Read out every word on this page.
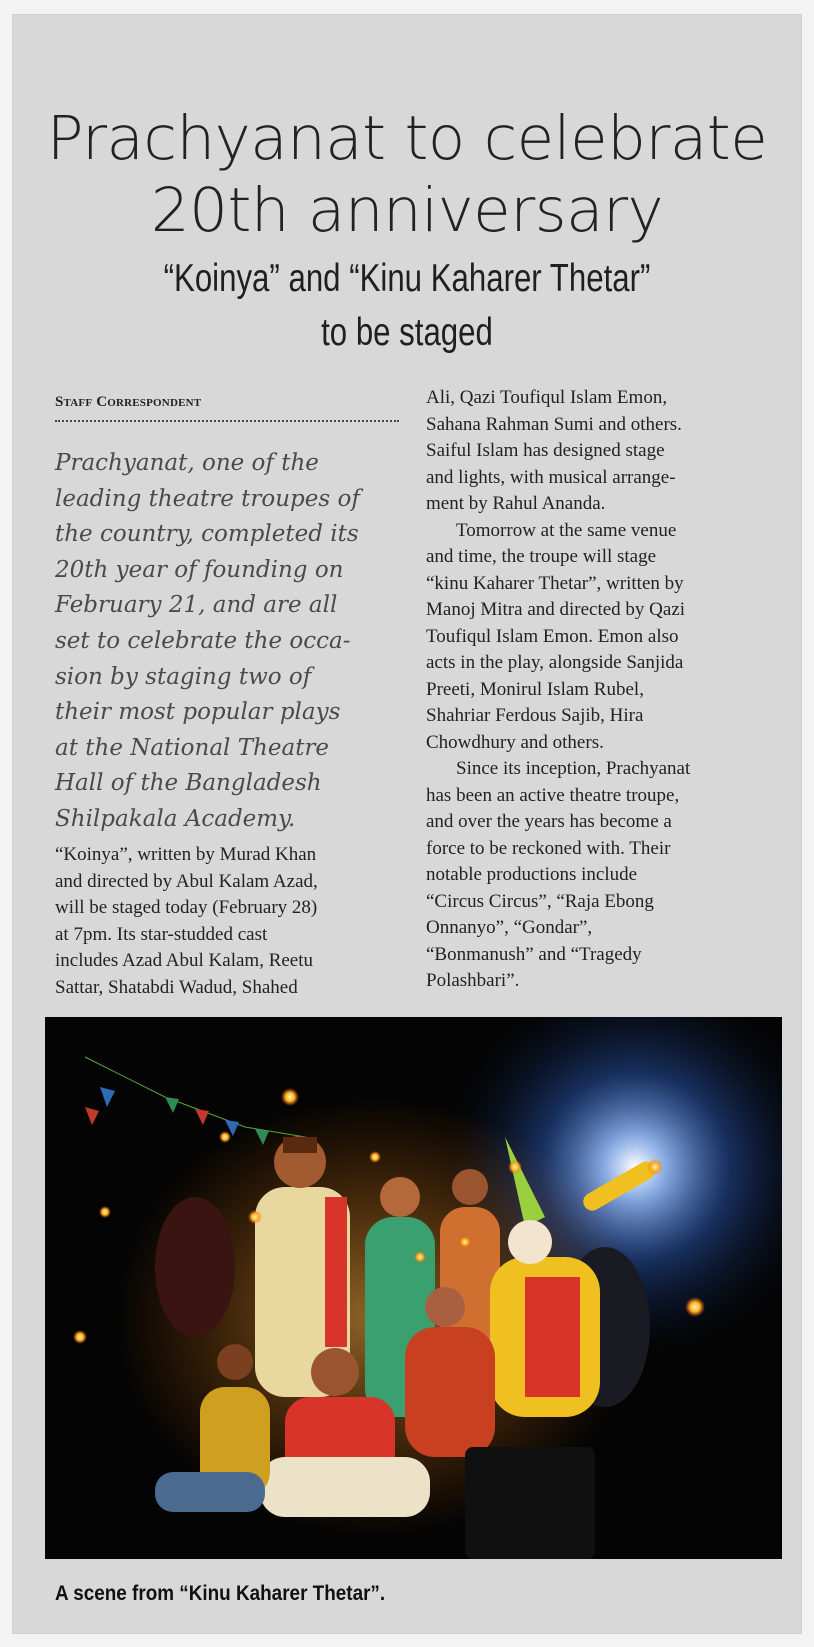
Prachyanat to celebrate
20th anniversary
“Koinya” and “Kinu Kaharer Thetar”
to be staged
Staff Correspondent
Prachyanat, one of the
leading theatre troupes of
the country, completed its
20th year of founding on
February 21, and are all
set to celebrate the occa-
sion by staging two of
their most popular plays
at the National Theatre
Hall of the Bangladesh
Shilpakala Academy.
“Koinya”, written by Murad Khan
and directed by Abul Kalam Azad,
will be staged today (February 28)
at 7pm. Its star-studded cast
includes Azad Abul Kalam, Reetu
Sattar, Shatabdi Wadud, Shahed
Ali, Qazi Toufiqul Islam Emon,
Sahana Rahman Sumi and others.
Saiful Islam has designed stage
and lights, with musical arrange-
ment by Rahul Ananda.
Tomorrow at the same venue
and time, the troupe will stage
“kinu Kaharer Thetar”, written by
Manoj Mitra and directed by Qazi
Toufiqul Islam Emon. Emon also
acts in the play, alongside Sanjida
Preeti, Monirul Islam Rubel,
Shahriar Ferdous Sajib, Hira
Chowdhury and others.
Since its inception, Prachyanat
has been an active theatre troupe,
and over the years has become a
force to be reckoned with. Their
notable productions include
“Circus Circus”, “Raja Ebong
Onnanyo”, “Gondar”,
“Bonmanush” and “Tragedy
Polashbari”.
A scene from “Kinu Kaharer Thetar”.
